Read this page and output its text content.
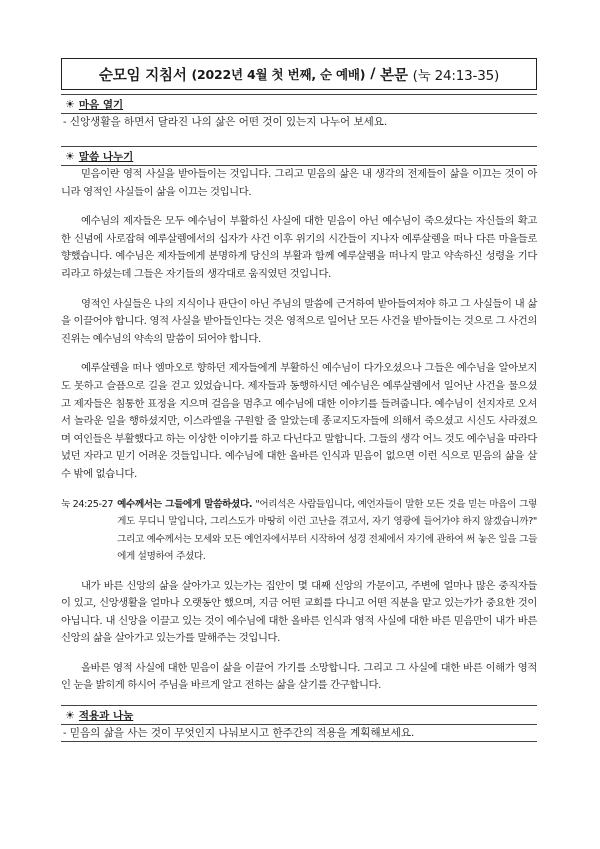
순모임 지침서
(2022년 4월 첫 번째, 순 예배)
/
본문
(눅 24:13-35)
☀ 마음 열기
- 신앙생활을 하면서 달라진 나의 삶은 어떤 것이 있는지 나누어 보세요.
☀ 말씀 나누기

믿음이란 영적 사실을 받아들이는 것입니다. 그리고 믿음의 삶은 내 생각의 전제들이 삶을 이끄는 것이 아니라 영적인 사실들이 삶을 이끄는 것입니다.

예수님의 제자들은 모두 예수님이 부활하신 사실에 대한 믿음이 아닌 예수님이 죽으셨다는 자신들의 확고한 신념에 사로잡혀 예루살렘에서의 십자가 사건 이후 위기의 시간들이 지나자 예루살렘을 떠나 다른 마을들로 향했습니다. 예수님은 제자들에게 분명하게 당신의 부활과 함께 예루살렘을 떠나지 말고 약속하신 성령을 기다리라고 하셨는데 그들은 자기들의 생각대로 움직였던 것입니다.

영적인 사실들은 나의 지식이나 판단이 아닌 주님의 말씀에 근거하여 받아들여져야 하고 그 사실들이 내 삶을 이끌어야 합니다. 영적 사실을 받아들인다는 것은 영적으로 일어난 모든 사건을 받아들이는 것으로 그 사건의 진위는 예수님의 약속의 말씀이 되어야 합니다.

예루살렘을 떠나 엠마오로 향하던 제자들에게 부활하신 예수님이 다가오셨으나 그들은 예수님을 알아보지도 못하고 슬픔으로 길을 걷고 있었습니다. 제자들과 동행하시던 예수님은 예루살렘에서 일어난 사건을 물으셨고 제자들은 침통한 표정을 지으며 걸음을 멈추고 예수님에 대한 이야기를 들려줍니다. 예수님이 선지자로 오셔서 놀라운 일을 행하셨지만, 이스라엘을 구원할 줄 알았는데 종교지도자들에 의해서 죽으셨고 시신도 사라졌으며 여인들은 부활했다고 하는 이상한 이야기를 하고 다닌다고 말합니다. 그들의 생각 어느 것도 예수님을 따라다녔던 자라고 믿기 어려운 것들입니다. 예수님에 대한 올바른 인식과 믿음이 없으면 이런 식으로 믿음의 삶을 살 수 밖에 없습니다.

눅 24:25-27 예수께서는 그들에게 말씀하셨다. "어리석은 사람들입니다, 예언자들이 말한 모든 것을 믿는 마음이 그렇게도 무디니 말입니다, 그리스도가 마땅히 이런 고난을 겪고서, 자기 영광에 들어가야 하지 않겠습니까?" 그리고 예수께서는 모세와 모든 예언자에서부터 시작하여 성경 전체에서 자기에 관하여 써 놓은 일을 그들에게 설명하여 주셨다.

내가 바른 신앙의 삶을 살아가고 있는가는 집안이 몇 대째 신앙의 가문이고, 주변에 얼마나 많은 중직자들이 있고, 신앙생활을 얼마나 오랫동안 했으며, 지금 어떤 교회를 다니고 어떤 직분을 맡고 있는가가 중요한 것이 아닙니다. 내 신앙을 이끌고 있는 것이 예수님에 대한 올바른 인식과 영적 사실에 대한 바른 믿음만이 내가 바른 신앙의 삶을 살아가고 있는가를 말해주는 것입니다.

올바른 영적 사실에 대한 믿음이 삶을 이끌어 가기를 소망합니다. 그리고 그 사실에 대한 바른 이해가 영적인 눈을 밝히게 하시어 주님을 바르게 알고 전하는 삶을 살기를 간구합니다.

☀ 적용과 나눔
- 믿음의 삶을 사는 것이 무엇인지 나눠보시고 한주간의 적용을 계획해보세요.
